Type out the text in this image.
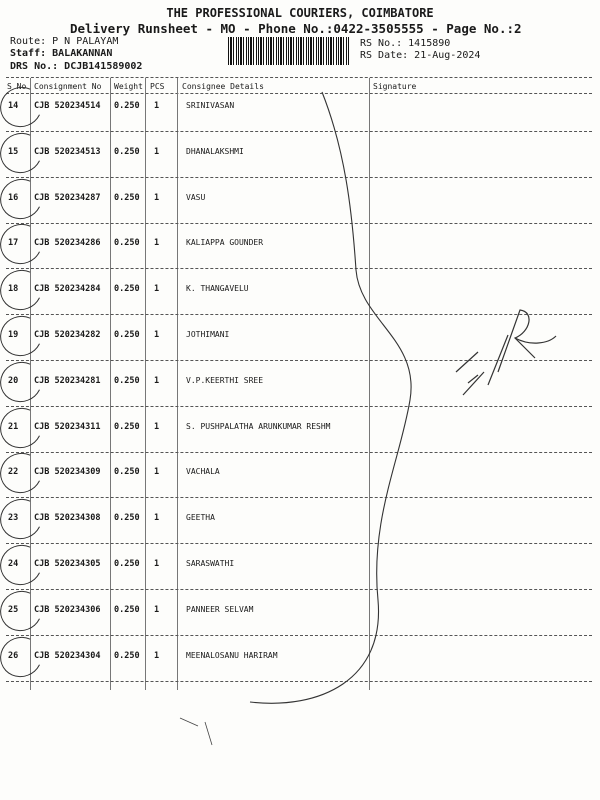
THE PROFESSIONAL COURIERS, COIMBATORE
Delivery Runsheet - MO - Phone No.:0422-3505555 - Page No.:2
Route: P N PALAYAM
Staff: BALAKANNAN
DRS No.: DCJB141589002
RS No.: 1415890
RS Date: 21-Aug-2024
S No Consignment No Weight PCS Consignee Details	Signature
14 CJB 520234514 0.250 1	SRINIVASAN
15 CJB 520234513 0.250 1	DHANALAKSHMI
16 CJB 520234287 0.250 1	VASU
17 CJB 520234286 0.250 1	KALIAPPA GOUNDER
18 CJB 520234284 0.250 1	K. THANGAVELU
19 CJB 520234282 0.250 1	JOTHIMANI
20 CJB 520234281 0.250 1	V.P.KEERTHI SREE
21 CJB 520234311 0.250 1	S. PUSHPALATHA ARUNKUMAR RESHM
22 CJB 520234309 0.250 1	VACHALA
23 CJB 520234308 0.250 1	GEETHA
24 CJB 520234305 0.250 1	SARASWATHI
25 CJB 520234306 0.250 1	PANNEER SELVAM
26 CJB 520234304 0.250 1	MEENALOSANU HARIRAM
